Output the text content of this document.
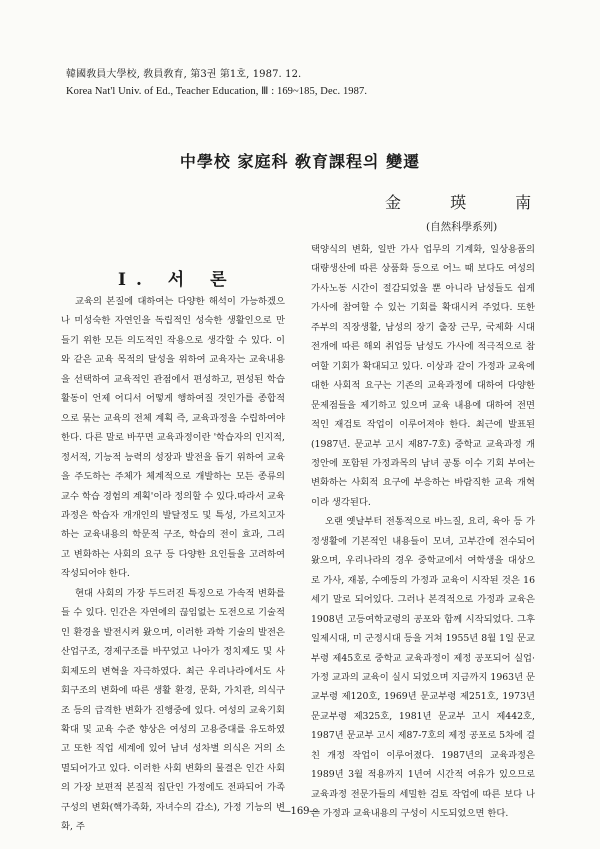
韓國敎員大學校, 敎員敎育, 第3권 第1호, 1987. 12.
Korea Nat'l Univ. of Ed., Teacher Education, Ⅲ : 169~185, Dec. 1987.
中學校 家庭科 敎育課程의 變遷
金 瑛 南
(自然科學系列)
Ⅰ. 서 론

교육의 본질에 대하여는 다양한 해석이 가능하겠으나 미성숙한 자연인을 독립적인 성숙한 생활인으로 만들기 위한 모든 의도적인 작용으로 생각할 수 있다. 이와 같은 교육 목적의 달성을 위하여 교육자는 교육내용을 선택하여 교육적인 관점에서 편성하고, 편성된 학습활동이 언제 어디서 어떻게 행하여질 것인가를 종합적으로 묶는 교육의 전체 계획 즉, 교육과정을 수립하여야 한다. 다른 말로 바꾸면 교육과정이란 '학습자의 인지적, 정서적, 기능적 능력의 성장과 발전을 돕기 위하여 교육을 주도하는 주체가 체계적으로 개발하는 모든 종류의 교수 학습 경험의 계획'이라 정의할 수 있다.따라서 교육과정은 학습자 개개인의 발달정도 및 특성, 가르치고자 하는 교육내용의 학문적 구조, 학습의 전이 효과, 그리고 변화하는 사회의 요구 등 다양한 요인들을 고려하여 작성되어야 한다.

현대 사회의 가장 두드러진 특징으로 가속적 변화를 들 수 있다. 인간은 자연에의 끊임없는 도전으로 기술적인 환경을 발전시켜 왔으며, 이러한 과학 기술의 발전은 산업구조, 경제구조를 바꾸었고 나아가 정치제도 및 사회제도의 변혁을 자극하였다. 최근 우리나라에서도 사회구조의 변화에 따른 생활 환경, 문화, 가치관, 의식구조 등의 급격한 변화가 진행중에 있다. 여성의 교육기회 확대 및 교육 수준 향상은 여성의 고용증대를 유도하였고 또한 직업 세계에 있어 남녀 성차별 의식은 거의 소멸되어가고 있다. 이러한 사회 변화의 물결은 인간 사회의 가장 보편적 본질적 집단인 가정에도 전파되어 가족 구성의 변화(핵가족화, 자녀수의 감소), 가정 기능의 변화, 주

택양식의 변화, 일반 가사 업무의 기계화, 일상용품의 대량생산에 따른 상품화 등으로 어느 때 보다도 여성의 가사노동 시간이 절감되었을 뿐 아니라 남성들도 쉽게 가사에 참여할 수 있는 기회를 확대시켜 주었다. 또한 주부의 직장생활, 남성의 장기 출장 근무, 국제화 시대 전개에 따른 해외 취업등 남성도 가사에 적극적으로 참여할 기회가 확대되고 있다. 이상과 같이 가정과 교육에 대한 사회적 요구는 기존의 교육과정에 대하여 다양한 문제점들을 제기하고 있으며 교육 내용에 대하여 전면적인 재검토 작업이 이루어져야 한다. 최근에 발표된(1987년. 문교부 고시 제87-7호) 중학교 교육과정 개정안에 포함된 가정과목의 남녀 공통 이수 기회 부여는 변화하는 사회적 요구에 부응하는 바람직한 교육 개혁이라 생각된다.

오랜 옛날부터 전통적으로 바느질, 요리, 육아 등 가정생활에 기본적인 내용들이 모녀, 고부간에 전수되어 왔으며, 우리나라의 경우 중학교에서 여학생을 대상으로 가사, 재봉, 수예등의 가정과 교육이 시작된 것은 16세기 말로 되어있다. 그러나 본격적으로 가정과 교육은 1908년 고등여학교령의 공포와 함께 시작되었다. 그후 일제시대, 미 군정시대 등을 거쳐 1955년 8월 1일 문교부령 제45호로 중학교 교육과정이 제정 공포되어 실업·가정 교과의 교육이 실시 되었으며 지금까지 1963년 문교부령 제120호, 1969년 문교부령 제251호, 1973년 문교부령 제325호, 1981년 문교부 고시 제442호, 1987년 문교부 고시 제87-7호의 제정 공포로 5차에 걸친 개정 작업이 이루어졌다. 1987년의 교육과정은 1989년 3월 적용까지 1년여 시간적 여유가 있으므로 교육과정 전문가들의 세밀한 검토 작업에 따른 보다 나은 가정과 교육내용의 구성이 시도되었으면 한다.

―169―
